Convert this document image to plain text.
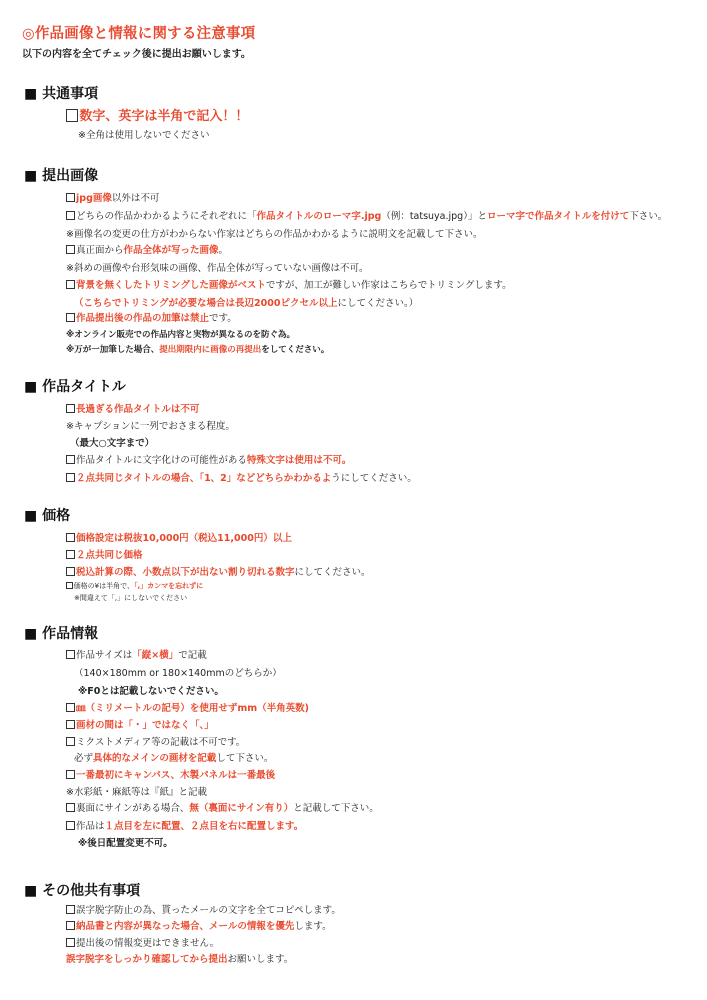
◎作品画像と情報に関する注意事項
以下の内容を全てチェック後に提出お願いします。
■ 共通事項
数字、英字は半角で記入！！
※全角は使用しないでください
■ 提出画像
jpg画像以外は不可
どちらの作品かわかるようにそれぞれに「作品タイトルのローマ字.jpg（例：tatsuya.jpg）」とローマ字で作品タイトルを付けて下さい。
※画像名の変更の仕方がわからない作家はどちらの作品かわかるように説明文を記載して下さい。
真正面から作品全体が写った画像。
※斜めの画像や台形気味の画像、作品全体が写っていない画像は不可。
背景を無くしたトリミングした画像がベストですが、加工が難しい作家はこちらでトリミングします。
（こちらでトリミングが必要な場合は長辺2000ピクセル以上にしてください。）
作品提出後の作品の加筆は禁止です。
※オンライン販売での作品内容と実物が異なるのを防ぐ為。
※万が一加筆した場合、提出期限内に画像の再提出をしてください。
■ 作品タイトル
長過ぎる作品タイトルは不可
※キャプションに一列でおさまる程度。
（最大○文字まで）
作品タイトルに文字化けの可能性がある特殊文字は使用は不可。
２点共同じタイトルの場合、「1、2」などどちらかわかるようにしてください。
■ 価格
価格設定は税抜10,000円（税込11,000円）以上
２点共同じ価格
税込計算の際、小数点以下が出ない割り切れる数字にしてください。
価格の¥は半角で、「,」カンマを忘れずに
※間違えて「,」にしないでください
■ 作品情報
作品サイズは「縦×横」で記載
（140×180mm or 180×140mmのどちらか）
※F0とは記載しないでください。
㎜（ミリメートルの記号）を使用せずmm（半角英数)
画材の間は「・」ではなく「、」
ミクストメディア等の記載は不可です。
必ず具体的なメインの画材を記載して下さい。
一番最初にキャンバス、木製パネルは一番最後
※水彩紙・麻紙等は『紙』と記載
裏面にサインがある場合、無（裏面にサイン有り）と記載して下さい。
作品は１点目を左に配置、２点目を右に配置します。
※後日配置変更不可。
■ その他共有事項
誤字脱字防止の為、貰ったメールの文字を全てコピペします。
納品書と内容が異なった場合、メールの情報を優先します。
提出後の情報変更はできません。
誤字脱字をしっかり確認してから提出お願いします。
